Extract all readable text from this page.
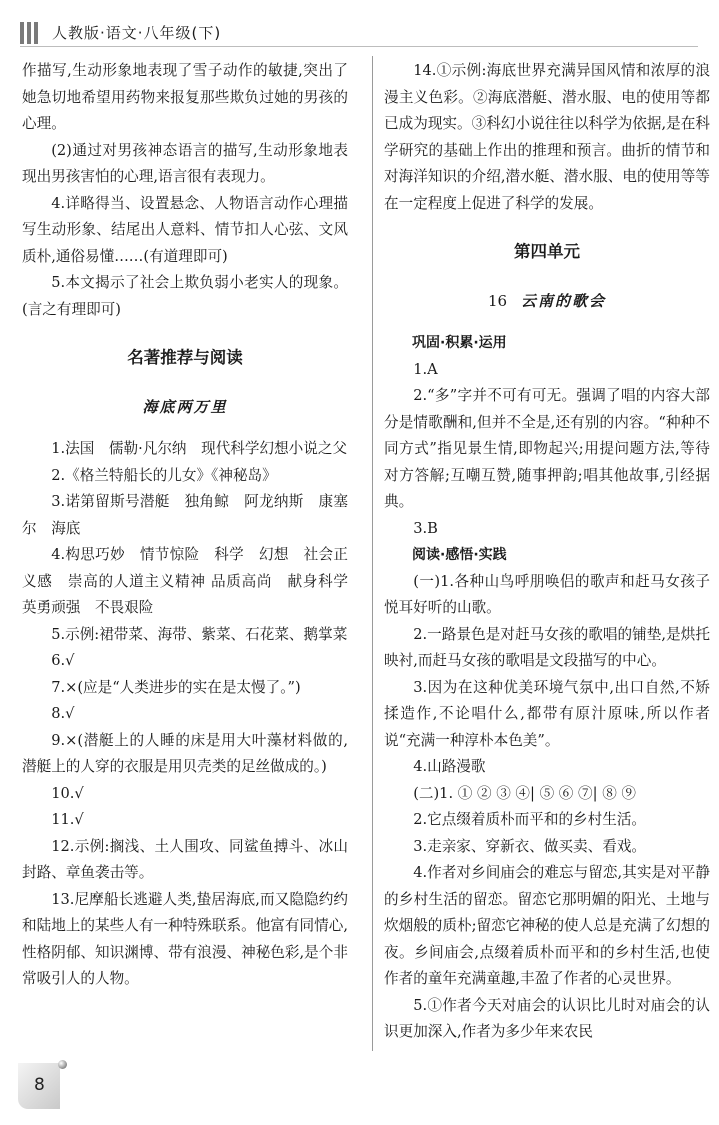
人教版·语文·八年级(下)

作描写,生动形象地表现了雪子动作的敏捷,突出了她急切地希望用药物来报复那些欺负过她的男孩的心理。

(2)通过对男孩神态语言的描写,生动形象地表现出男孩害怕的心理,语言很有表现力。

4.详略得当、设置悬念、人物语言动作心理描写生动形象、结尾出人意料、情节扣人心弦、文风质朴,通俗易懂……(有道理即可)

5.本文揭示了社会上欺负弱小老实人的现象。(言之有理即可)

名著推荐与阅读

海底两万里

1.法国　儒勒·凡尔纳　现代科学幻想小说之父

2.《格兰特船长的儿女》《神秘岛》

3.诺第留斯号潜艇　独角鲸　阿龙纳斯　康塞尔　海底

4.构思巧妙　情节惊险　科学　幻想　社会正义感　崇高的人道主义精神 品质高尚　献身科学　英勇顽强　不畏艰险

5.示例:裙带菜、海带、紫菜、石花菜、鹅掌菜

6.√

7.×(应是“人类进步的实在是太慢了。”)

8.√

9.×(潜艇上的人睡的床是用大叶藻材料做的,潜艇上的人穿的衣服是用贝壳类的足丝做成的。)

10.√

11.√

12.示例:搁浅、土人围攻、同鲨鱼搏斗、冰山封路、章鱼袭击等。

13.尼摩船长逃避人类,蛰居海底,而又隐隐约约和陆地上的某些人有一种特殊联系。他富有同情心,性格阴郁、知识渊博、带有浪漫、神秘色彩,是个非常吸引人的人物。

14.①示例:海底世界充满异国风情和浓厚的浪漫主义色彩。②海底潜艇、潜水服、电的使用等都已成为现实。③科幻小说往往以科学为依据,是在科学研究的基础上作出的推理和预言。曲折的情节和对海洋知识的介绍,潜水艇、潜水服、电的使用等等在一定程度上促进了科学的发展。

第四单元

16 云南的歌会

巩固·积累·运用

1.A

2.“多”字并不可有可无。强调了唱的内容大部分是情歌酬和,但并不全是,还有别的内容。“种种不同方式”指见景生情,即物起兴;用提问题方法,等待对方答解;互嘲互赞,随事押韵;唱其他故事,引经据典。

3.B

阅读·感悟·实践

(一)1.各种山鸟呼朋唤侣的歌声和赶马女孩子悦耳好听的山歌。

2.一路景色是对赶马女孩的歌唱的铺垫,是烘托映衬,而赶马女孩的歌唱是文段描写的中心。

3.因为在这种优美环境气氛中,出口自然,不矫揉造作,不论唱什么,都带有原汁原味,所以作者说“充满一种淳朴本色美”。

4.山路漫歌

(二)1. ① ② ③ ④| ⑤ ⑥ ⑦| ⑧ ⑨

2.它点缀着质朴而平和的乡村生活。

3.走亲家、穿新衣、做买卖、看戏。

4.作者对乡间庙会的难忘与留恋,其实是对平静的乡村生活的留恋。留恋它那明媚的阳光、土地与炊烟般的质朴;留恋它神秘的使人总是充满了幻想的夜。乡间庙会,点缀着质朴而平和的乡村生活,也使作者的童年充满童趣,丰盈了作者的心灵世界。

5.①作者今天对庙会的认识比儿时对庙会的认识更加深入,作者为多少年来农民

8
